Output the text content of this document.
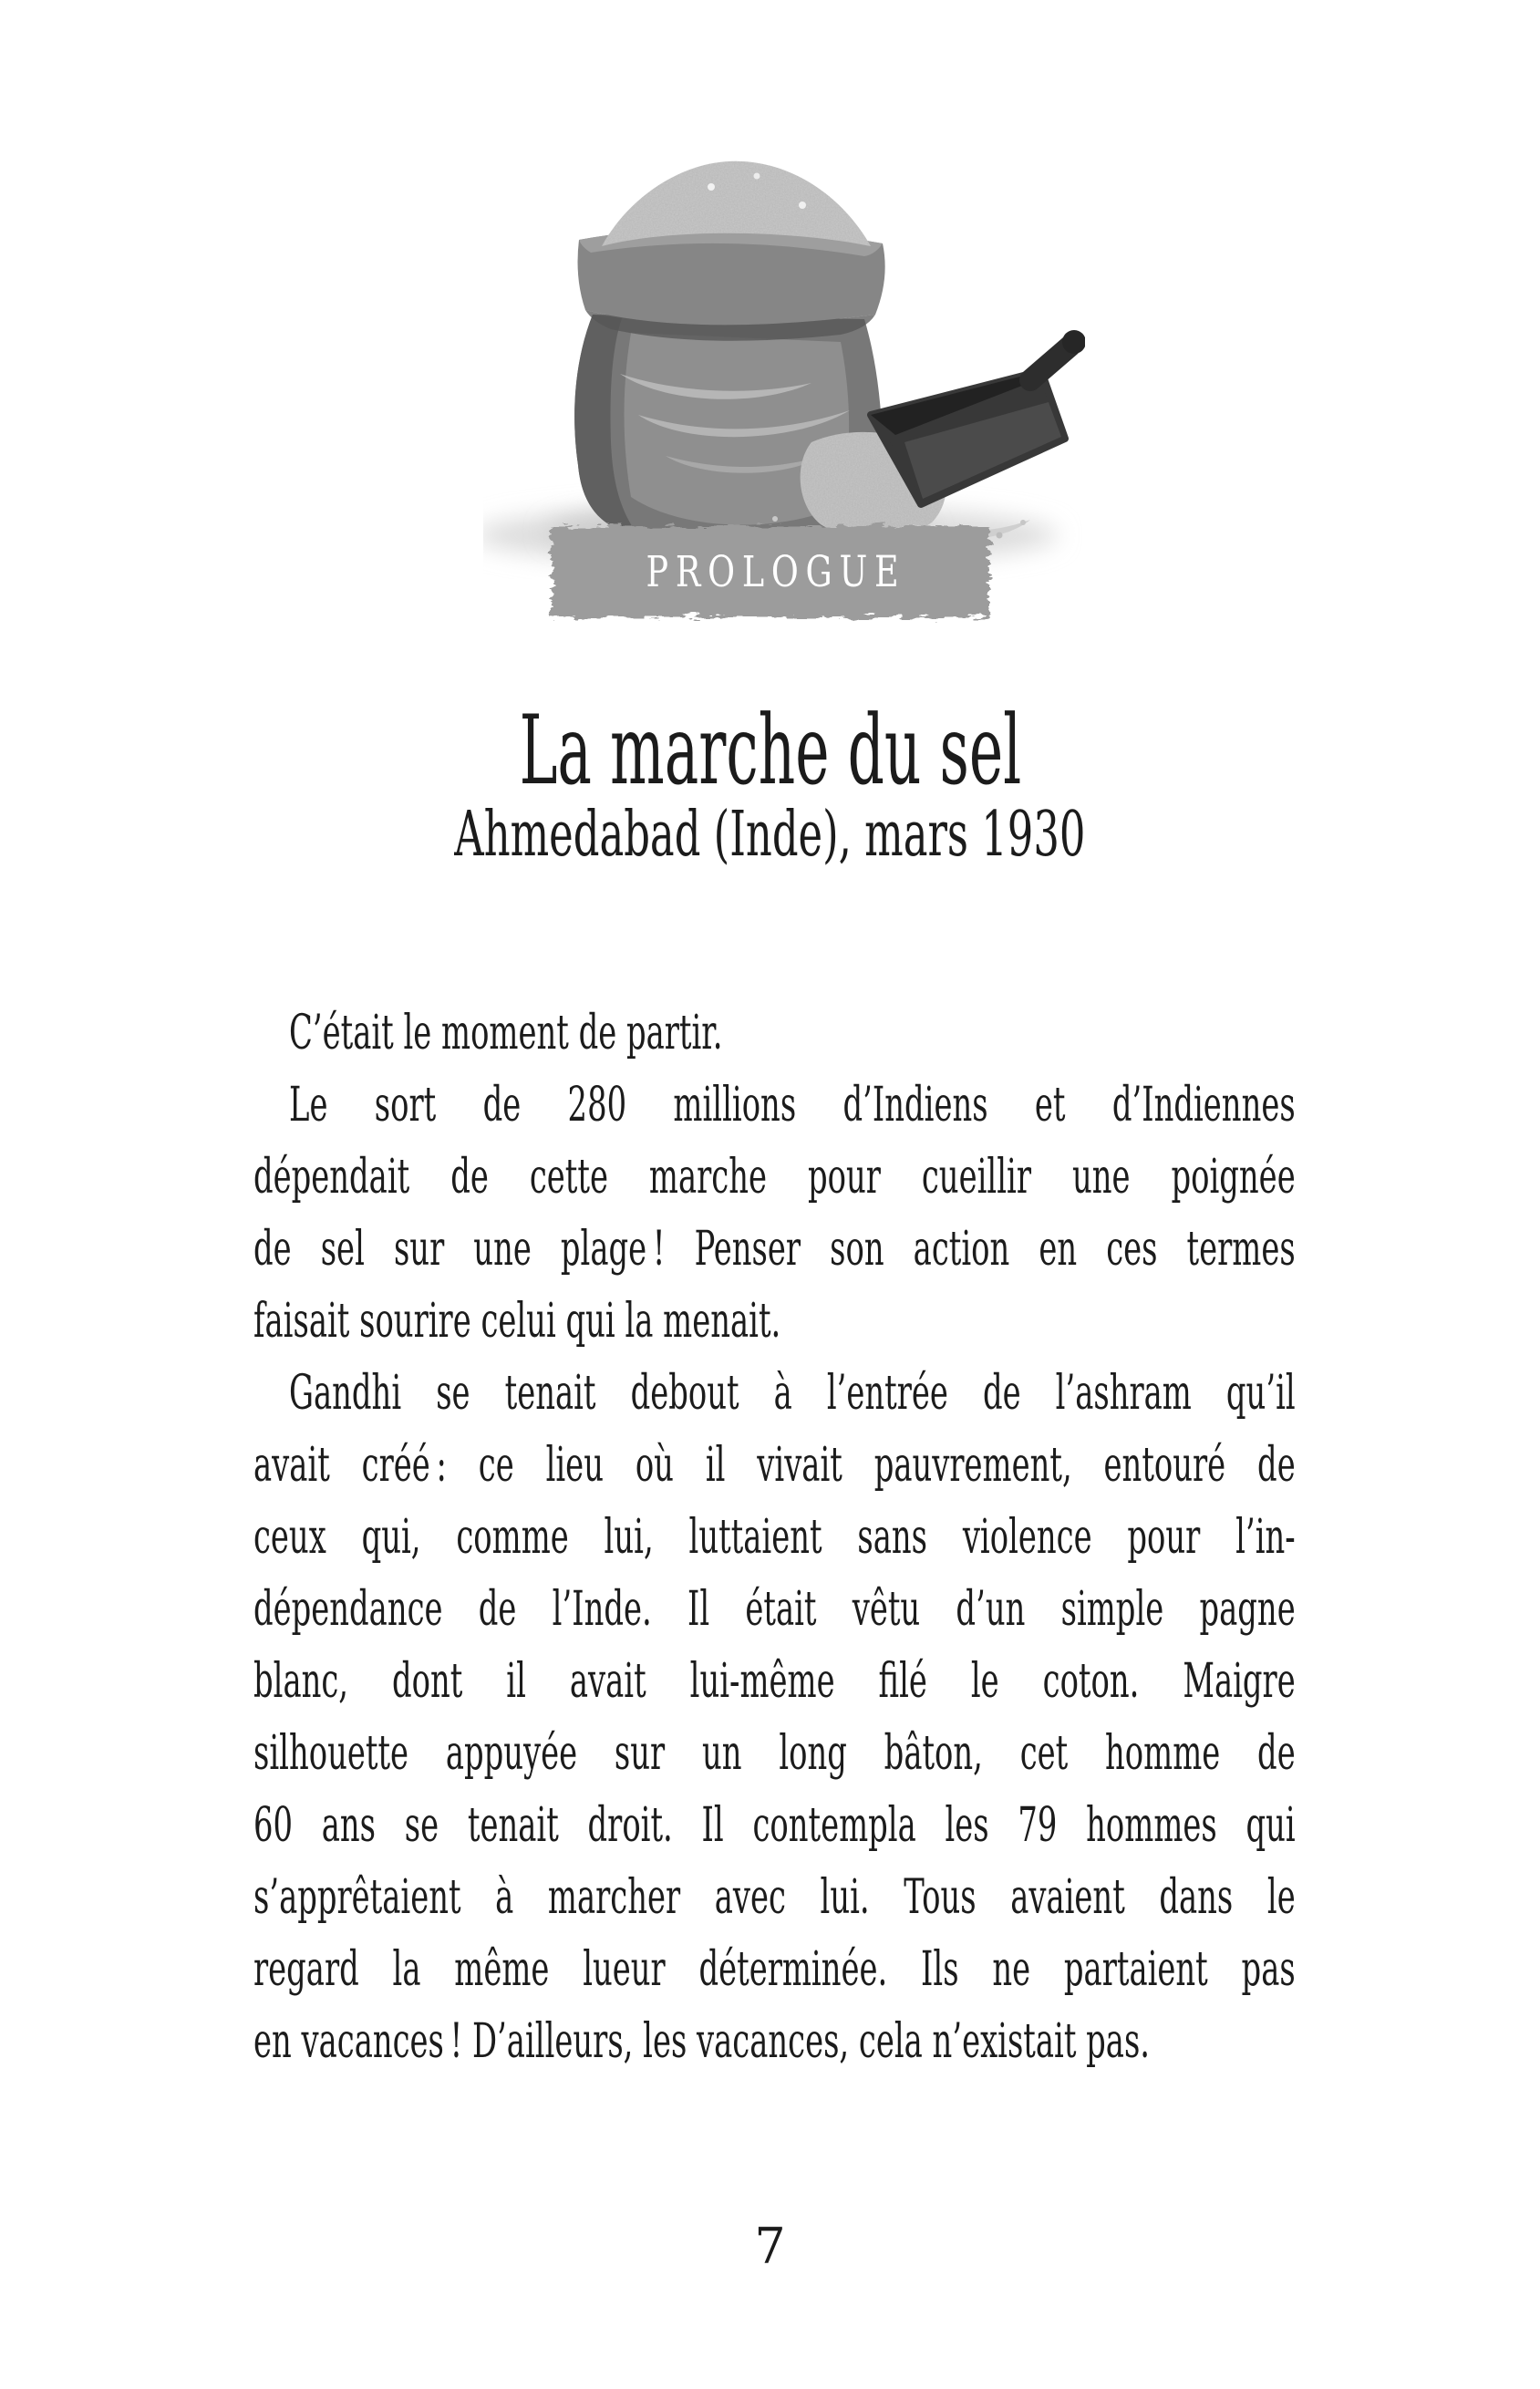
PROLOGUE
La marche du sel
Ahmedabad (Inde), mars 1930
C’était le moment de partir.
Le sort de 280 millions d’Indiens et d’Indiennes
dépendait de cette marche pour cueillir une poignée
de sel sur une plage ! Penser son action en ces termes
faisait sourire celui qui la menait.
Gandhi se tenait debout à l’entrée de l’ashram qu’il
avait créé : ce lieu où il vivait pauvrement, entouré de
ceux qui, comme lui, luttaient sans violence pour l’in-
dépendance de l’Inde. Il était vêtu d’un simple pagne
blanc, dont il avait lui-même filé le coton. Maigre
silhouette appuyée sur un long bâton, cet homme de
60 ans se tenait droit. Il contempla les 79 hommes qui
s’apprêtaient à marcher avec lui. Tous avaient dans le
regard la même lueur déterminée. Ils ne partaient pas
en vacances ! D’ailleurs, les vacances, cela n’existait pas.
7
